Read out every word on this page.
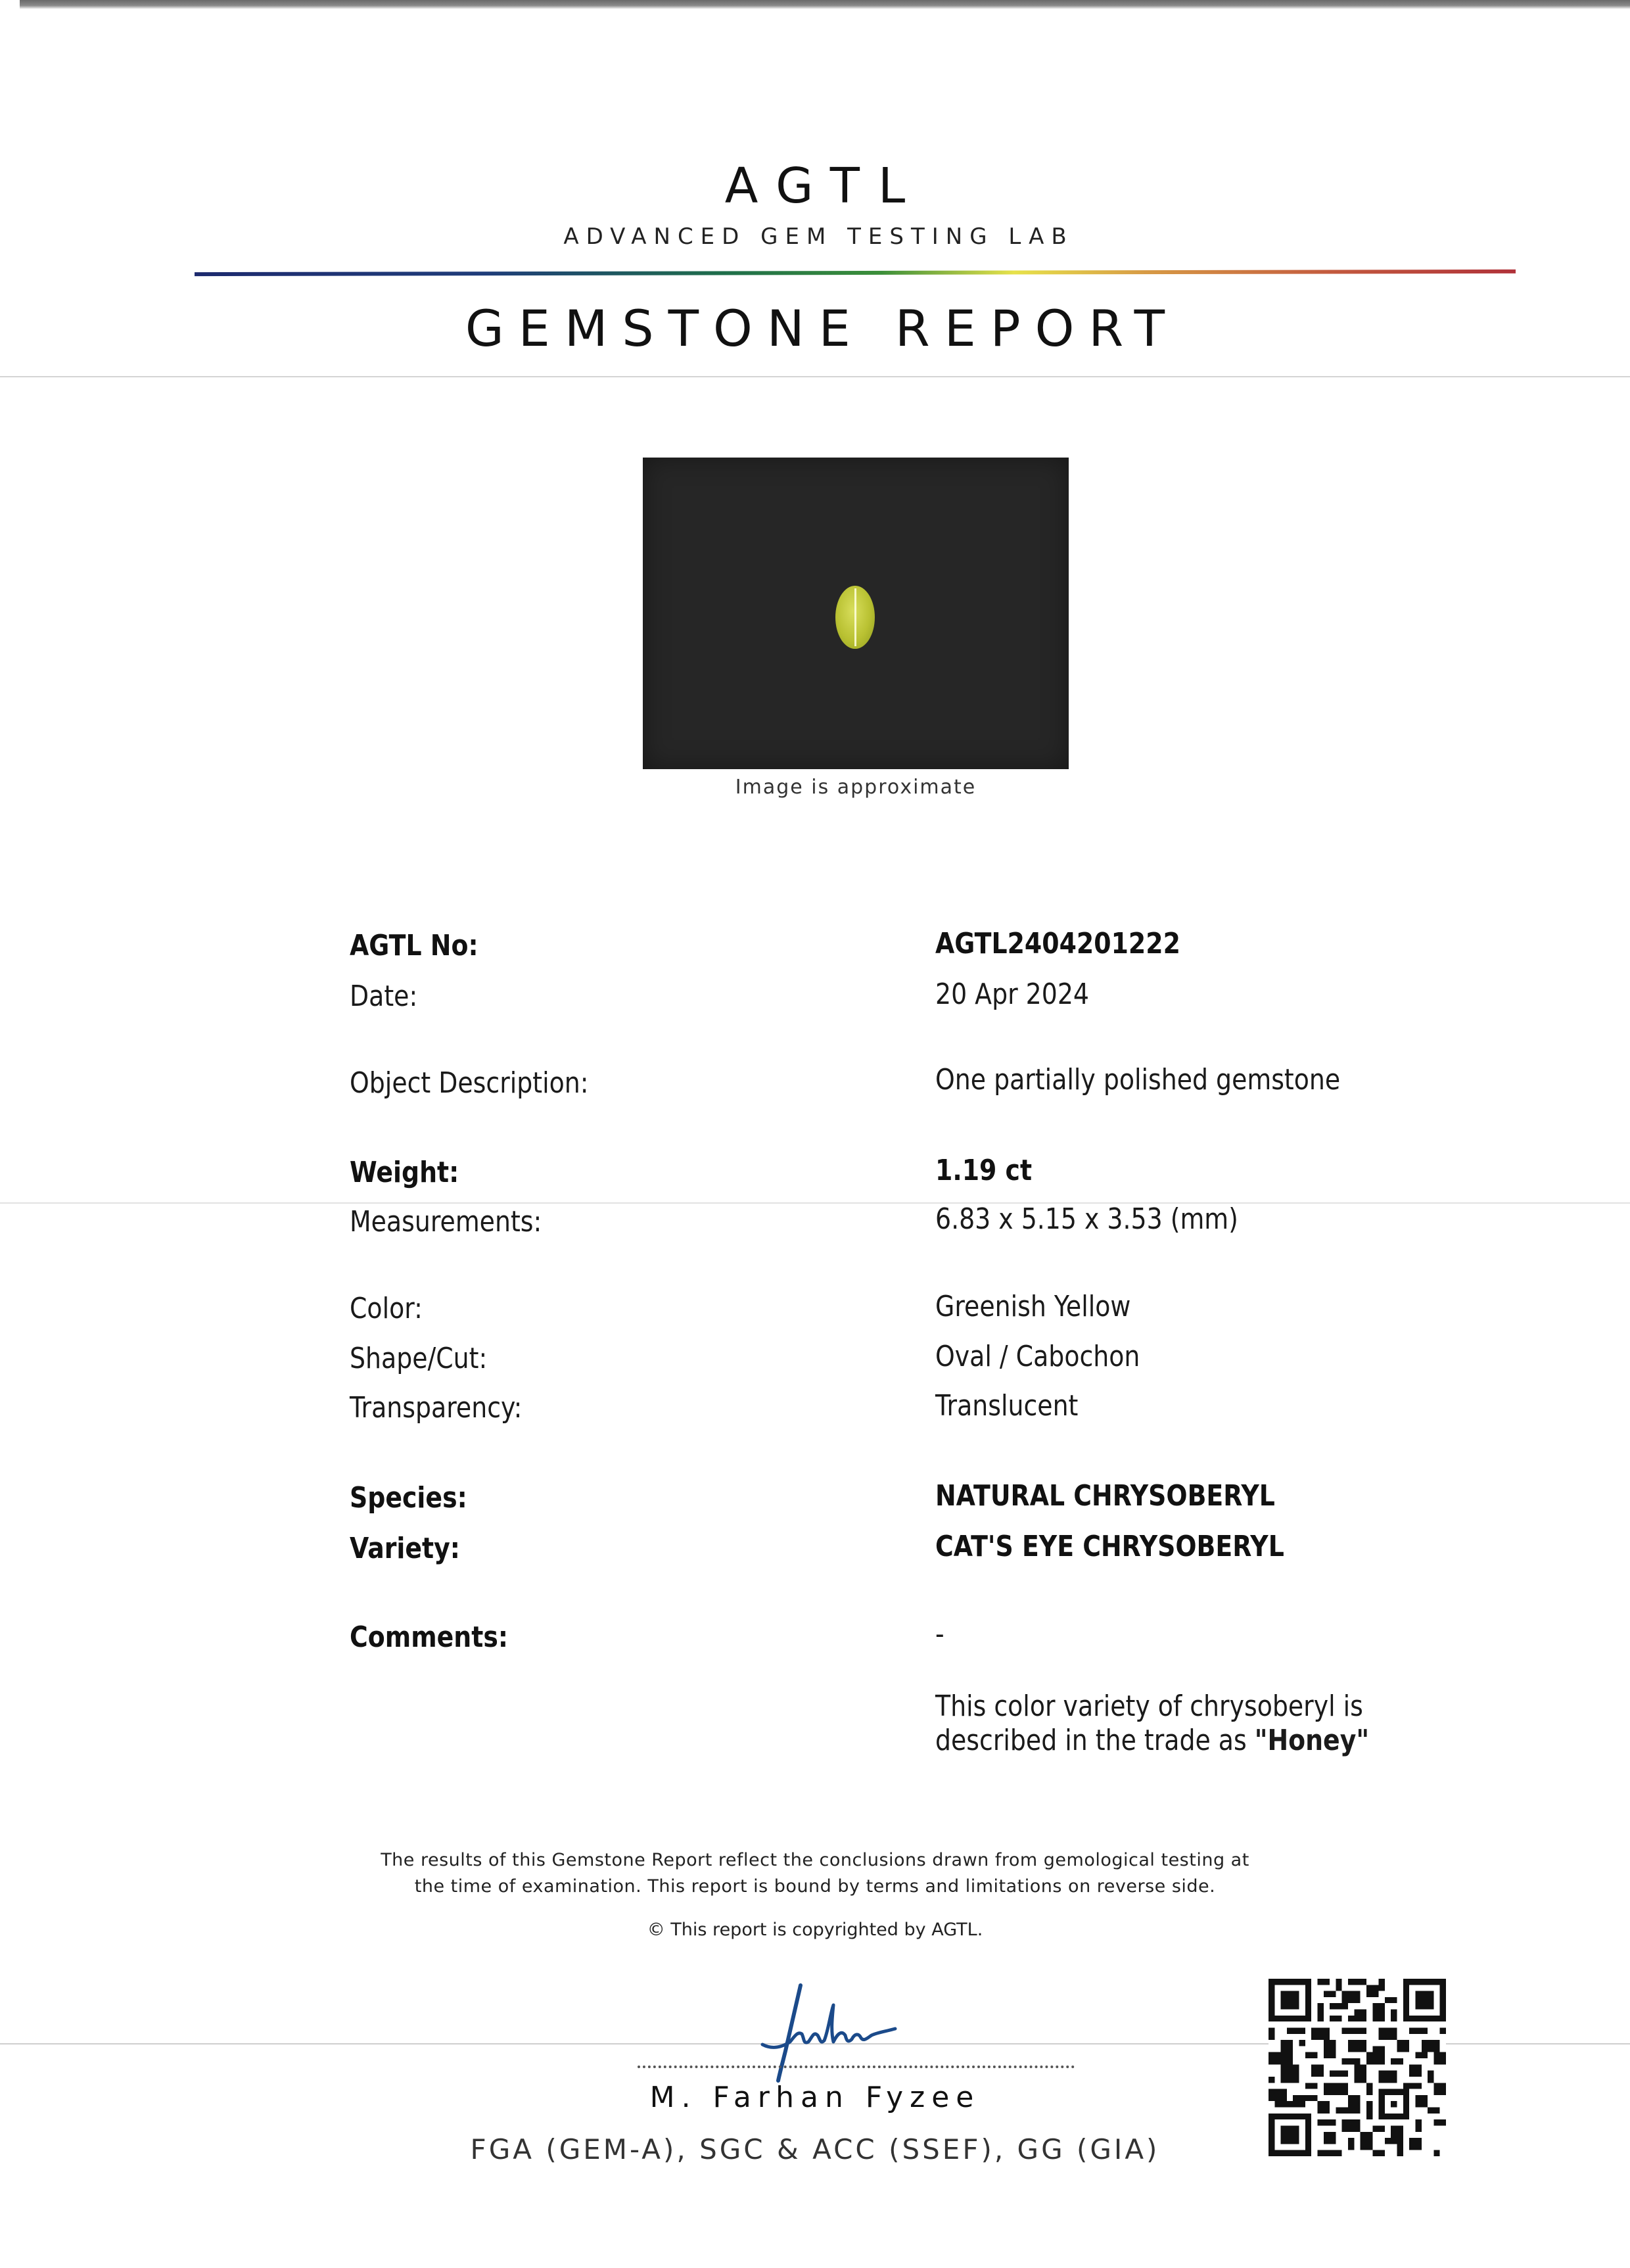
AGTL
ADVANCED GEM TESTING LAB
GEMSTONE REPORT
Image is approximate
AGTL No:	AGTL2404201222
Date:	20 Apr 2024
Object Description:	One partially polished gemstone
Weight:	1.19 ct
Measurements:	6.83 x 5.15 x 3.53 (mm)
Color:	Greenish Yellow
Shape/Cut:	Oval / Cabochon
Transparency:	Translucent
Species:	NATURAL CHRYSOBERYL
Variety:	CAT'S EYE CHRYSOBERYL
Comments:	-
This color variety of chrysoberyl is described in the trade as "Honey"
The results of this Gemstone Report reflect the conclusions drawn from gemological testing at
the time of examination. This report is bound by terms and limitations on reverse side.
© This report is copyrighted by AGTL.
M. Farhan Fyzee
FGA (GEM-A), SGC & ACC (SSEF), GG (GIA)
